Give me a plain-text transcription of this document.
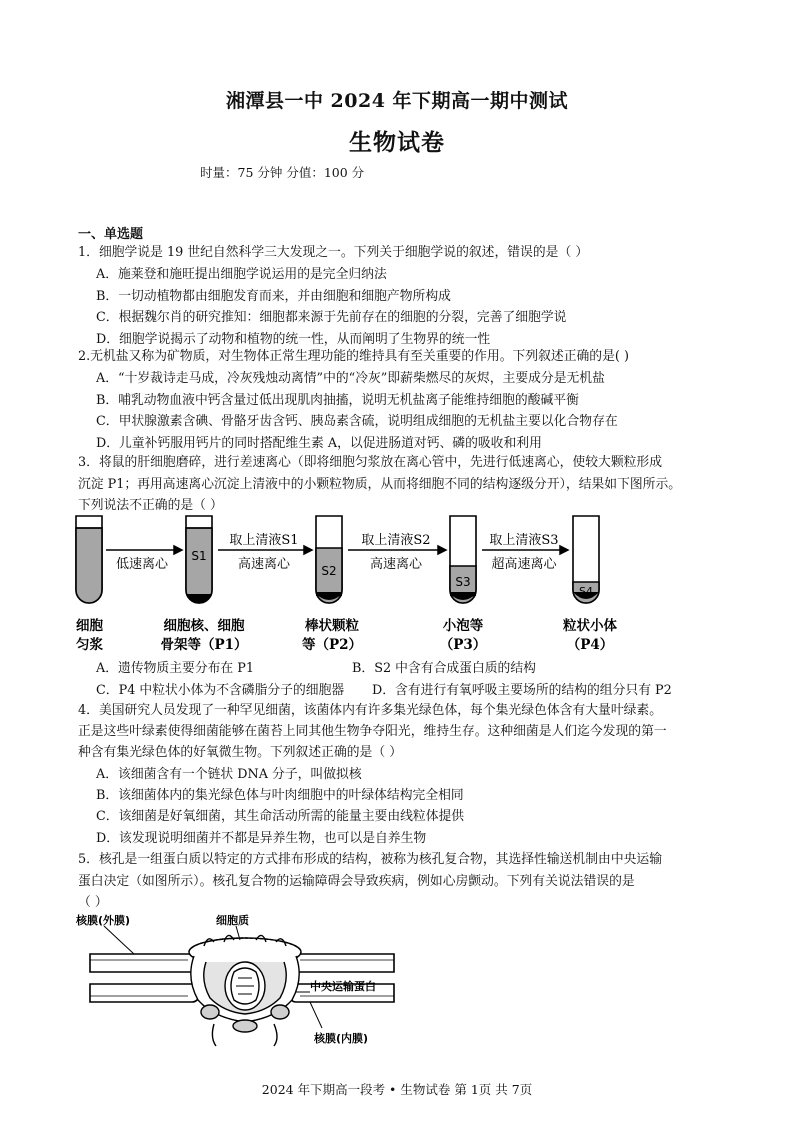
湘潭县一中 2024 年下期高一期中测试
生物试卷
时量：75 分钟 分值：100 分
一、单选题
1．细胞学说是 19 世纪自然科学三大发现之一。下列关于细胞学说的叙述，错误的是（ ）
A．施莱登和施旺提出细胞学说运用的是完全归纳法
B．一切动植物都由细胞发育而来，并由细胞和细胞产物所构成
C．根据魏尔肖的研究推知：细胞都来源于先前存在的细胞的分裂，完善了细胞学说
D．细胞学说揭示了动物和植物的统一性，从而阐明了生物界的统一性
2.无机盐又称为矿物质，对生物体正常生理功能的维持具有至关重要的作用。下列叙述正确的是( )
A．“十岁裁诗走马成，冷灰残烛动离情”中的“冷灰”即薪柴燃尽的灰烬，主要成分是无机盐
B．哺乳动物血液中钙含量过低出现肌肉抽搐，说明无机盐离子能维持细胞的酸碱平衡
C．甲状腺激素含碘、骨骼牙齿含钙、胰岛素含硫，说明组成细胞的无机盐主要以化合物存在
D．儿童补钙服用钙片的同时搭配维生素 A，以促进肠道对钙、磷的吸收和利用
3．将鼠的肝细胞磨碎，进行差速离心（即将细胞匀浆放在离心管中，先进行低速离心，使较大颗粒形成
沉淀 P1；再用高速离心沉淀上清液中的小颗粒物质，从而将细胞不同的结构逐级分开），结果如下图所示。
下列说法不正确的是（ ）
S1
S2
S3
S4
低速离心
取上清液S1
高速离心
取上清液S2
高速离心
取上清液S3
超高速离心
细胞
匀浆
细胞核、细胞
骨架等（P1）
棒状颗粒
等（P2）
小泡等
（P3）
粒状小体
（P4）
A．遗传物质主要分布在 P1	B．S2 中含有合成蛋白质的结构
C．P4 中粒状小体为不含磷脂分子的细胞器 D．含有进行有氧呼吸主要场所的结构的组分只有 P2
4．美国研究人员发现了一种罕见细菌，该菌体内有许多集光绿色体，每个集光绿色体含有大量叶绿素。
正是这些叶绿素使得细菌能够在菌苔上同其他生物争夺阳光，维持生存。这种细菌是人们迄今发现的第一
种含有集光绿色体的好氧微生物。下列叙述正确的是（ ）
A．该细菌含有一个链状 DNA 分子，叫做拟核
B．该细菌体内的集光绿色体与叶肉细胞中的叶绿体结构完全相同
C．该细菌是好氧细菌，其生命活动所需的能量主要由线粒体提供
D．该发现说明细菌并不都是异养生物，也可以是自养生物
5．核孔是一组蛋白质以特定的方式排布形成的结构，被称为核孔复合物，其选择性输送机制由中央运输
蛋白决定（如图所示）。核孔复合物的运输障碍会导致疾病，例如心房颤动。下列有关说法错误的是
（ ）
核膜(外膜)	细胞质
中央运输蛋白
核膜(内膜)
2024 年下期高一段考 • 生物试卷 第 1页 共 7页
